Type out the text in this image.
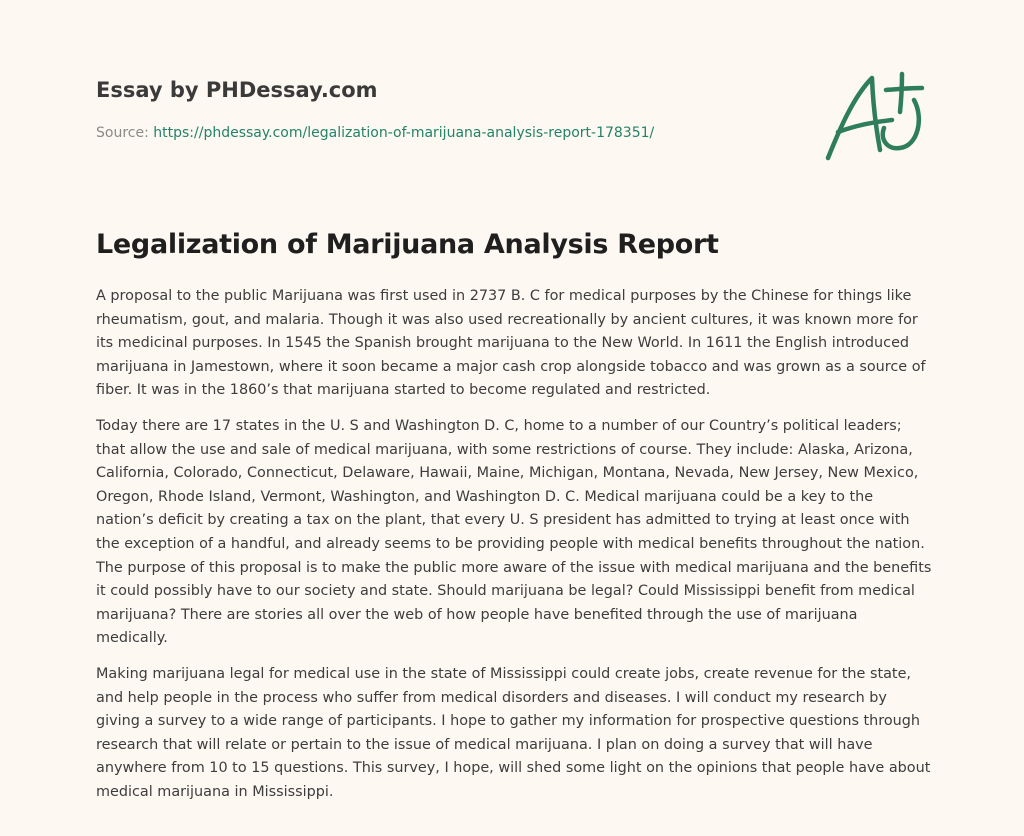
Essay by PHDessay.com
Source: https://phdessay.com/legalization-of-marijuana-analysis-report-178351/
Legalization of Marijuana Analysis Report

A proposal to the public Marijuana was first used in 2737 B. C for medical purposes by the Chinese for things like rheumatism, gout, and malaria. Though it was also used recreationally by ancient cultures, it was known more for its medicinal purposes. In 1545 the Spanish brought marijuana to the New World. In 1611 the English introduced marijuana in Jamestown, where it soon became a major cash crop alongside tobacco and was grown as a source of fiber. It was in the 1860’s that marijuana started to become regulated and restricted.

Today there are 17 states in the U. S and Washington D. C, home to a number of our Country’s political leaders; that allow the use and sale of medical marijuana, with some restrictions of course. They include: Alaska, Arizona, California, Colorado, Connecticut, Delaware, Hawaii, Maine, Michigan, Montana, Nevada, New Jersey, New Mexico, Oregon, Rhode Island, Vermont, Washington, and Washington D. C. Medical marijuana could be a key to the nation’s deficit by creating a tax on the plant, that every U. S president has admitted to trying at least once with the exception of a handful, and already seems to be providing people with medical benefits throughout the nation. The purpose of this proposal is to make the public more aware of the issue with medical marijuana and the benefits it could possibly have to our society and state. Should marijuana be legal? Could Mississippi benefit from medical marijuana? There are stories all over the web of how people have benefited through the use of marijuana medically.

Making marijuana legal for medical use in the state of Mississippi could create jobs, create revenue for the state, and help people in the process who suffer from medical disorders and diseases. I will conduct my research by giving a survey to a wide range of participants. I hope to gather my information for prospective questions through research that will relate or pertain to the issue of medical marijuana. I plan on doing a survey that will have anywhere from 10 to 15 questions. This survey, I hope, will shed some light on the opinions that people have about medical marijuana in Mississippi.
